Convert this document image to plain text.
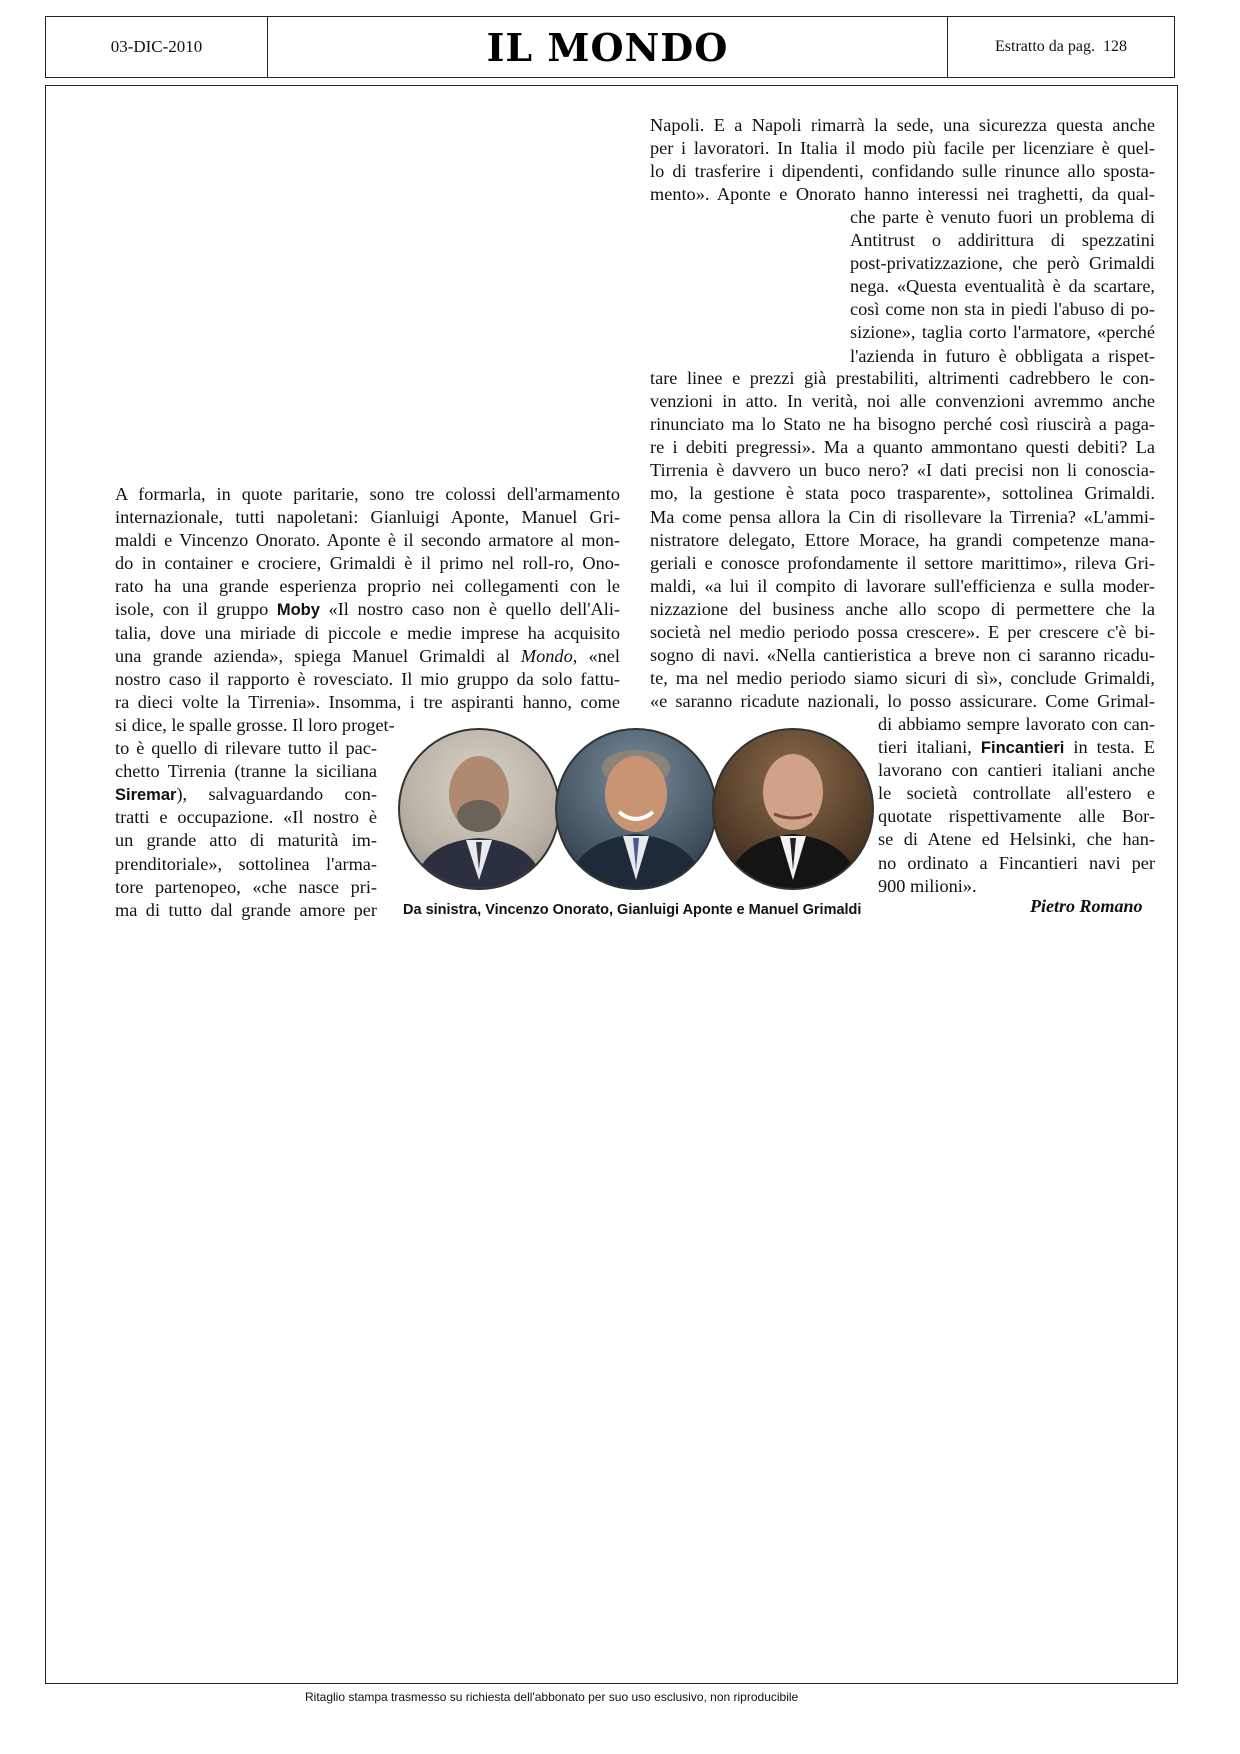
03-DIC-2010	IL MONDO	Estratto da pag.
128
Napoli. E a Napoli rimarrà la sede, una sicurezza questa anche
per i lavoratori. In Italia il modo più facile per licenziare è quel-
lo di trasferire i dipendenti, confidando sulle rinunce allo sposta-
mento». Aponte e Onorato hanno interessi nei traghetti, da qual-
che parte è venuto fuori un problema di
Antitrust o addirittura di spezzatini
post-privatizzazione, che però Grimaldi
nega. «Questa eventualità è da scartare,
così come non sta in piedi l'abuso di po-
sizione», taglia corto l'armatore, «perché
l'azienda in futuro è obbligata a rispet-
tare linee e prezzi già prestabiliti, altrimenti cadrebbero le con-
venzioni in atto. In verità, noi alle convenzioni avremmo anche
rinunciato ma lo Stato ne ha bisogno perché così riuscirà a paga-
re i debiti pregressi». Ma a quanto ammontano questi debiti? La
Tirrenia è davvero un buco nero? «I dati precisi non li conoscia-
mo, la gestione è stata poco trasparente», sottolinea Grimaldi.
Ma come pensa allora la Cin di risollevare la Tirrenia? «L'ammi-
nistratore delegato, Ettore Morace, ha grandi competenze mana-
geriali e conosce profondamente il settore marittimo», rileva Gri-
maldi, «a lui il compito di lavorare sull'efficienza e sulla moder-
nizzazione del business anche allo scopo di permettere che la
società nel medio periodo possa crescere». E per crescere c'è bi-
sogno di navi. «Nella cantieristica a breve non ci saranno ricadu-
te, ma nel medio periodo siamo sicuri di sì», conclude Grimaldi,
«e saranno ricadute nazionali, lo posso assicurare. Come Grimal-
di abbiamo sempre lavorato con can-
tieri italiani, Fincantieri in testa. E
lavorano con cantieri italiani anche
le società controllate all'estero e
quotate rispettivamente alle Bor-
se di Atene ed Helsinki, che han-
no ordinato a Fincantieri navi per
900 milioni».
A formarla, in quote paritarie, sono tre colossi dell'armamento
internazionale, tutti napoletani: Gianluigi Aponte, Manuel Gri-
maldi e Vincenzo Onorato. Aponte è il secondo armatore al mon-
do in container e crociere, Grimaldi è il primo nel roll-ro, Ono-
rato ha una grande esperienza proprio nei collegamenti con le
isole, con il gruppo Moby «Il nostro caso non è quello dell'Ali-
talia, dove una miriade di piccole e medie imprese ha acquisito
una grande azienda», spiega Manuel Grimaldi al Mondo, «nel
nostro caso il rapporto è rovesciato. Il mio gruppo da solo fattu-
ra dieci volte la Tirrenia». Insomma, i tre aspiranti hanno, come
si dice, le spalle grosse. Il loro proget-
to è quello di rilevare tutto il pac-
chetto Tirrenia (tranne la siciliana
Siremar), salvaguardando con-
tratti e occupazione. «Il nostro è
un grande atto di maturità im-
prenditoriale», sottolinea l'arma-
tore partenopeo, «che nasce pri-
ma di tutto dal grande amore per Da sinistra, Vincenzo Onorato, Gianluigi Aponte e Manuel Grimaldi	Pietro Romano
Ritaglio stampa trasmesso su richiesta dell'abbonato per suo uso esclusivo, non riproducibile
